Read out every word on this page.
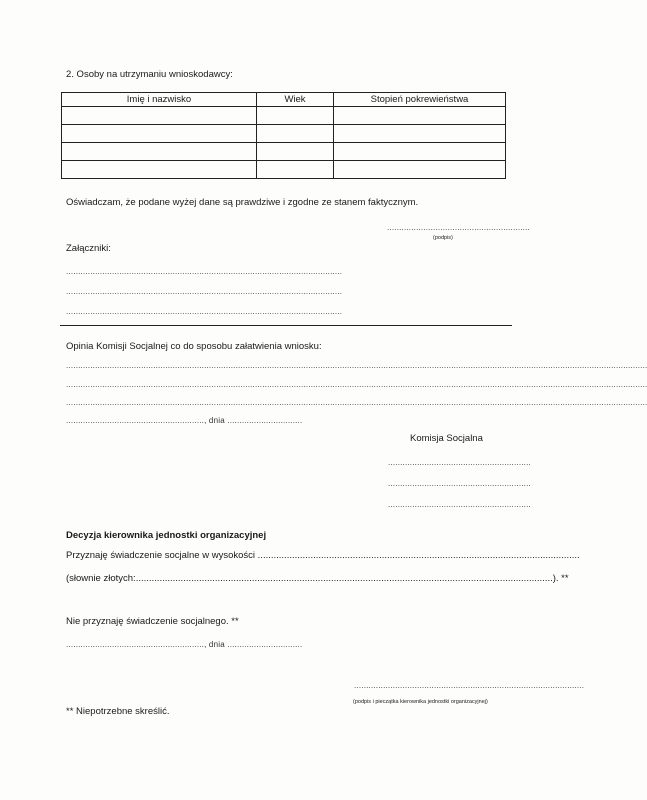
2. Osoby na utrzymaniu wnioskodawcy:
Imię i nazwisko	Wiek	Stopień pokrewieństwa

Oświadczam, że podane wyżej dane są prawdziwe i zgodne ze stanem faktycznym.
...........................................................
(podpis)
Załączniki:
..................................................................................................................
..................................................................................................................
..................................................................................................................
Opinia Komisji Socjalnej co do sposobu załatwienia wniosku:
................................................................................................................................................................................................................................................
................................................................................................................................................................................................................................................
................................................................................................................................................................................................................................................
........................................................., dnia ...............................
Komisja Socjalna
...........................................................
...........................................................
...........................................................
Decyzja kierownika jednostki organizacyjnej
Przyznaję świadczenie socjalne w wysokości ..........................................................................................................................
(słownie złotych:..............................................................................................................................................................). **
Nie przyznaję świadczenie socjalnego. **
........................................................., dnia ...............................
...............................................................................................
(podpis i pieczątka kierownika jednostki organizacyjnej)
** Niepotrzebne skreślić.
